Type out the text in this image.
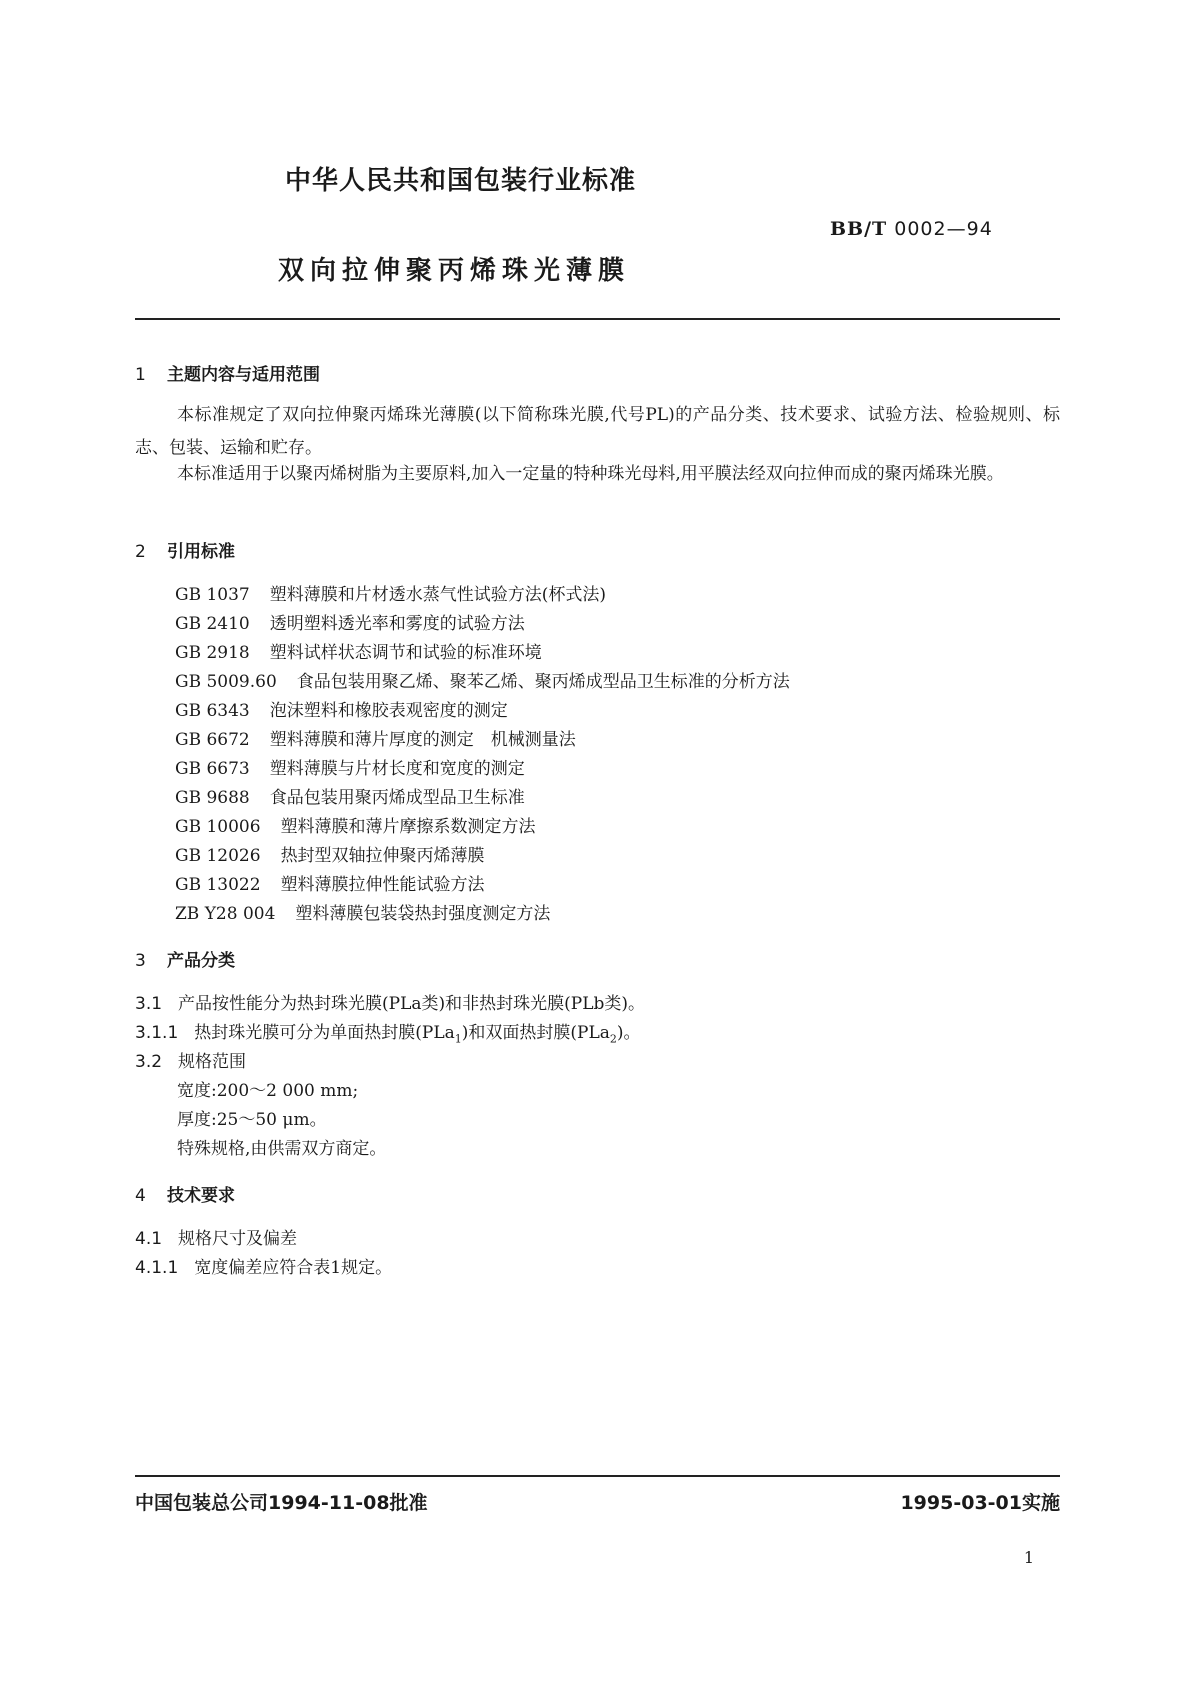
中华人民共和国包装行业标准
BB/T 0002—94
双向拉伸聚丙烯珠光薄膜
1 主题内容与适用范围
本标准规定了双向拉伸聚丙烯珠光薄膜(以下简称珠光膜,代号PL)的产品分类、技术要求、试验方法、检验规则、标志、包装、运输和贮存。
本标准适用于以聚丙烯树脂为主要原料,加入一定量的特种珠光母料,用平膜法经双向拉伸而成的聚丙烯珠光膜。
2 引用标准
GB 1037 塑料薄膜和片材透水蒸气性试验方法(杯式法)
GB 2410 透明塑料透光率和雾度的试验方法
GB 2918 塑料试样状态调节和试验的标准环境
GB 5009.60 食品包装用聚乙烯、聚苯乙烯、聚丙烯成型品卫生标准的分析方法
GB 6343 泡沫塑料和橡胶表观密度的测定
GB 6672 塑料薄膜和薄片厚度的测定　机械测量法
GB 6673 塑料薄膜与片材长度和宽度的测定
GB 9688 食品包装用聚丙烯成型品卫生标准
GB 10006 塑料薄膜和薄片摩擦系数测定方法
GB 12026 热封型双轴拉伸聚丙烯薄膜
GB 13022 塑料薄膜拉伸性能试验方法
ZB Y28 004 塑料薄膜包装袋热封强度测定方法
3 产品分类
3.1 产品按性能分为热封珠光膜(PLa类)和非热封珠光膜(PLb类)。
3.1.1 热封珠光膜可分为单面热封膜(PLa$_1$)和双面热封膜(PLa$_2$)。
3.2 规格范围
宽度:200～2 000 mm;
厚度:25～50 μm。
特殊规格,由供需双方商定。
4 技术要求
4.1 规格尺寸及偏差
4.1.1 宽度偏差应符合表1规定。
中国包装总公司1994-11-08批准	1995-03-01实施
1
